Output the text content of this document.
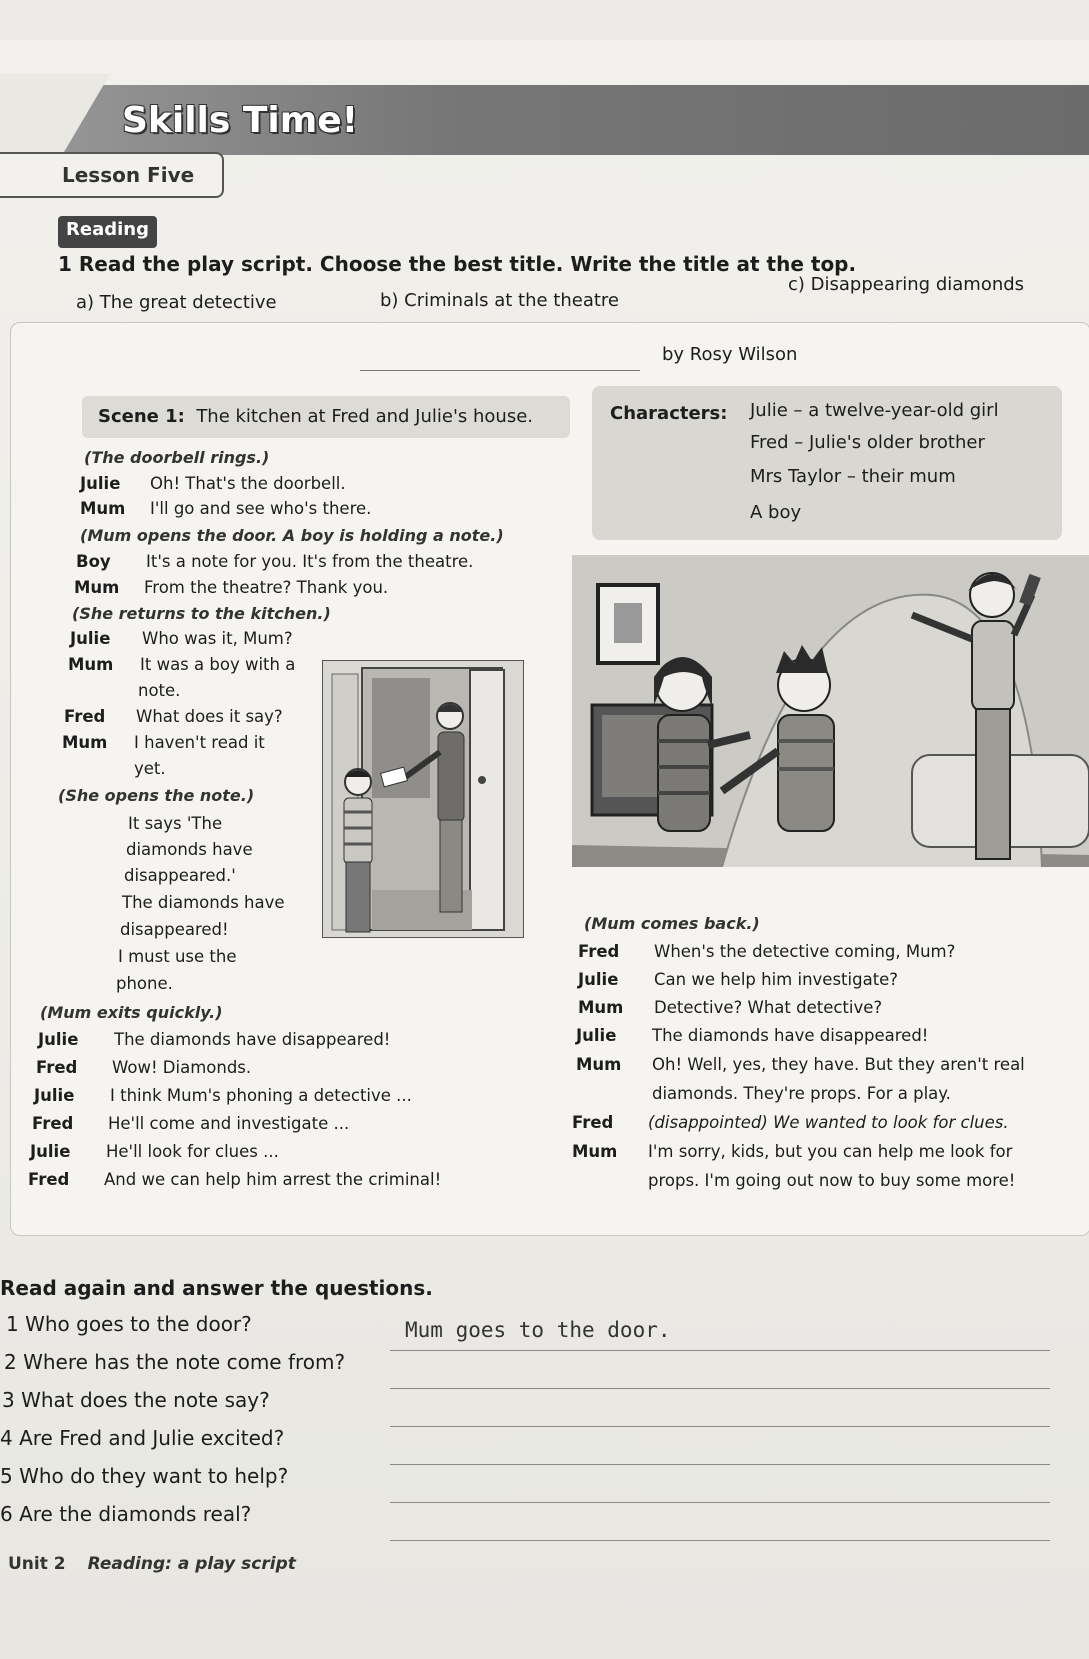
Skills Time!
Lesson Five
Reading
1 Read the play script. Choose the best title. Write the title at the top.
a) The great detective	b) Criminals at the theatre
c) Disappearing diamonds
by Rosy Wilson
Scene 1: The kitchen at Fred and Julie's house.	Characters: Julie – a twelve-year-old girl
Fred – Julie's older brother
Mrs Taylor – their mum
A boy
(The doorbell rings.)
Julie Oh! That's the doorbell.
Mum I'll go and see who's there.
(Mum opens the door. A boy is holding a note.)
Boy It's a note for you. It's from the theatre.
Mum From the theatre? Thank you.
(She returns to the kitchen.)
Julie Who was it, Mum?
Mum It was a boy with a
note.
Fred What does it say?
Mum I haven't read it
yet.
(She opens the note.)
It says 'The
diamonds have
disappeared.'
The diamonds have
disappeared!
I must use the
phone.
(Mum exits quickly.)
Julie The diamonds have disappeared!
Fred Wow! Diamonds.
Julie I think Mum's phoning a detective ...
Fred He'll come and investigate ...
Julie He'll look for clues ...
Fred And we can help him arrest the criminal!
(Mum comes back.)
Fred When's the detective coming, Mum?
Julie Can we help him investigate?
Mum Detective? What detective?
Julie The diamonds have disappeared!
Mum Oh! Well, yes, they have. But they aren't real
diamonds. They're props. For a play.
Fred (disappointed) We wanted to look for clues.
Mum I'm sorry, kids, but you can help me look for
props. I'm going out now to buy some more!
Read again and answer the questions.
1 Who goes to the door?	Mum goes to the door.
2 Where has the note come from?
3 What does the note say?
4 Are Fred and Julie excited?
5 Who do they want to help?
6 Are the diamonds real?
Unit 2 Reading: a play script
